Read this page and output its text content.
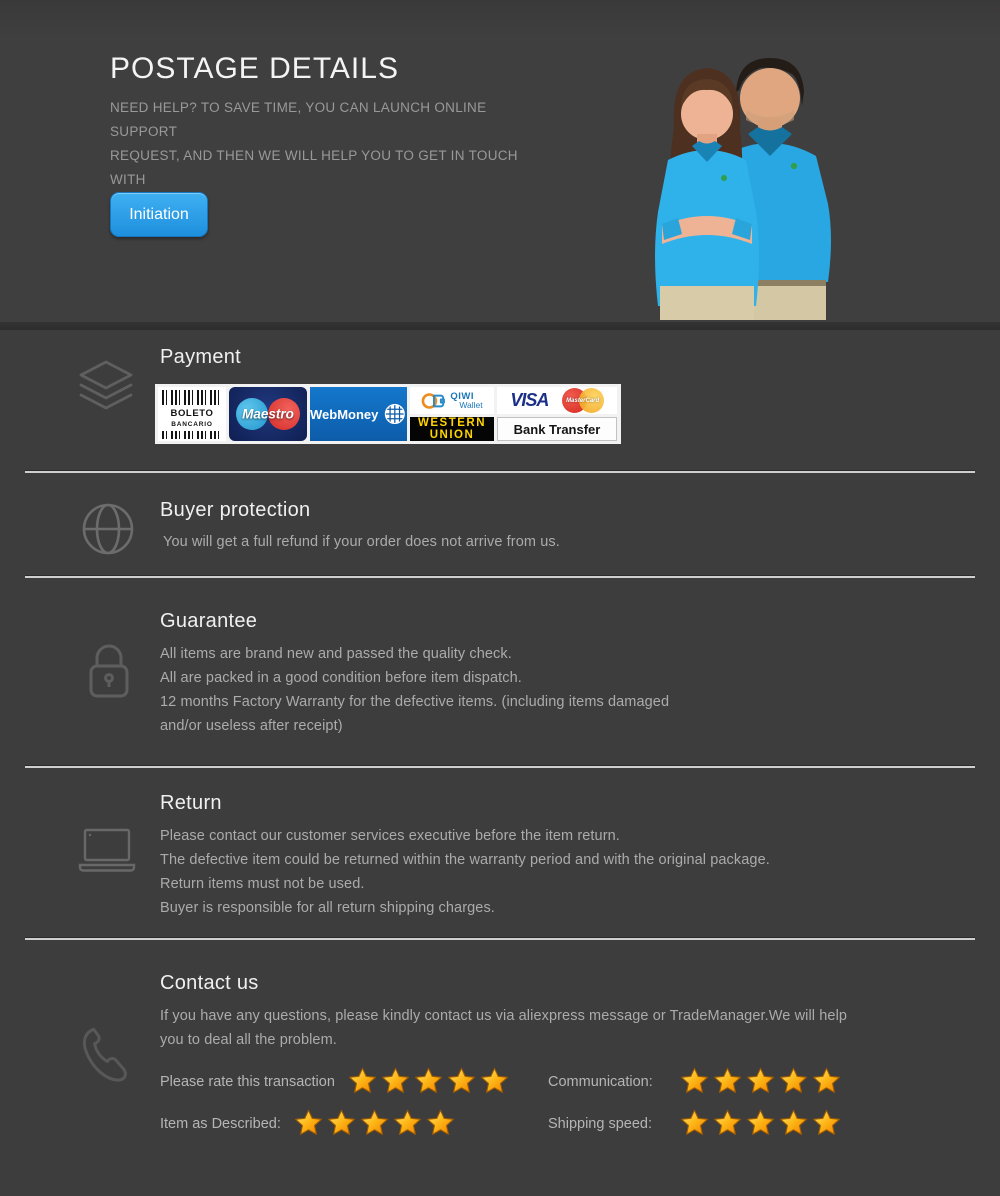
POSTAGE DETAILS
NEED HELP? TO SAVE TIME, YOU CAN LAUNCH ONLINE SUPPORT
REQUEST, AND THEN WE WILL HELP YOU TO GET IN TOUCH WITH
Initiation
Payment
BOLETO
BANCARIO
Maestro	WebMoney
QIWI
Wallet
WESTERN
UNION
VISA	MasterCard
Bank Transfer
Buyer protection

You will get a full refund if your order does not arrive from us.

Guarantee

All items are brand new and passed the quality check.

All are packed in a good condition before item dispatch.

12 months Factory Warranty for the defective items. (including items damaged

and/or useless after receipt)

Return

Please contact our customer services executive before the item return.

The defective item could be returned within the warranty period and with the original package.

Return items must not be used.

Buyer is responsible for all return shipping charges.

Contact us

If you have any questions, please kindly contact us via aliexpress message or TradeManager.We will help

you to deal all the problem.

Please rate this transaction	Communication:
Item as Described:	Shipping speed:
